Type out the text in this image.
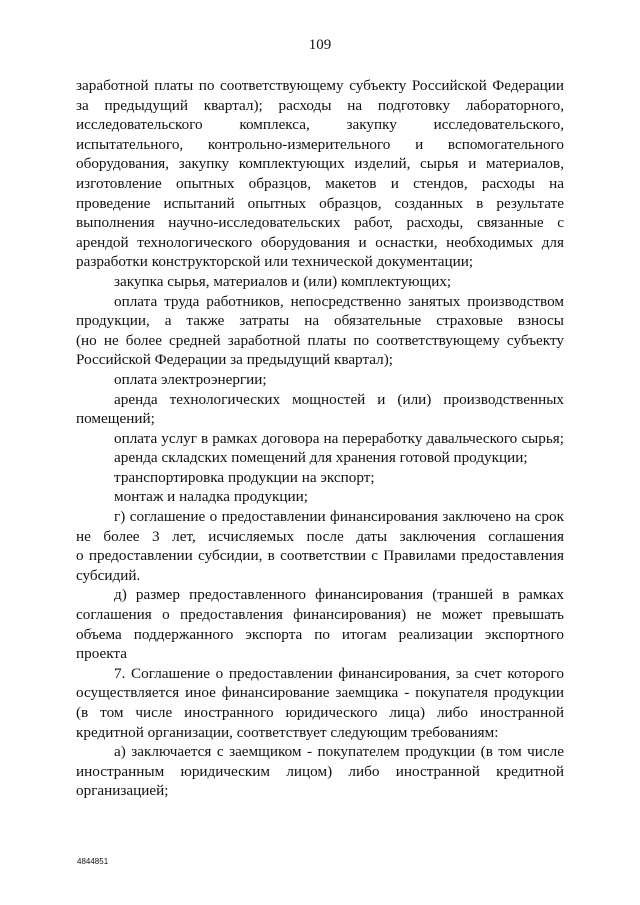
109
заработной платы по соответствующему субъекту Российской Федерации
за предыдущий квартал); расходы на подготовку лабораторного,
исследовательского комплекса, закупку исследовательского,
испытательного, контрольно-измерительного и вспомогательного
оборудования, закупку комплектующих изделий, сырья и материалов,
изготовление опытных образцов, макетов и стендов, расходы на
проведение испытаний опытных образцов, созданных в результате
выполнения научно-исследовательских работ, расходы, связанные с
арендой технологического оборудования и оснастки, необходимых для
разработки конструкторской или технической документации;
закупка сырья, материалов и (или) комплектующих;
оплата труда работников, непосредственно занятых производством
продукции, а также затраты на обязательные страховые взносы
(но не более средней заработной платы по соответствующему субъекту
Российской Федерации за предыдущий квартал);
оплата электроэнергии;
аренда технологических мощностей и (или) производственных
помещений;
оплата услуг в рамках договора на переработку давальческого сырья;
аренда складских помещений для хранения готовой продукции;
транспортировка продукции на экспорт;
монтаж и наладка продукции;
г) соглашение о предоставлении финансирования заключено на срок
не более 3 лет, исчисляемых после даты заключения соглашения
о предоставлении субсидии, в соответствии с Правилами предоставления
субсидий.
д) размер предоставленного финансирования (траншей в рамках
соглашения о предоставления финансирования) не может превышать
объема поддержанного экспорта по итогам реализации экспортного
проекта
7. Соглашение о предоставлении финансирования, за счет которого
осуществляется иное финансирование заемщика - покупателя продукции
(в том числе иностранного юридического лица) либо иностранной
кредитной организации, соответствует следующим требованиям:
а) заключается с заемщиком - покупателем продукции (в том числе
иностранным юридическим лицом) либо иностранной кредитной
организацией;
4844851
